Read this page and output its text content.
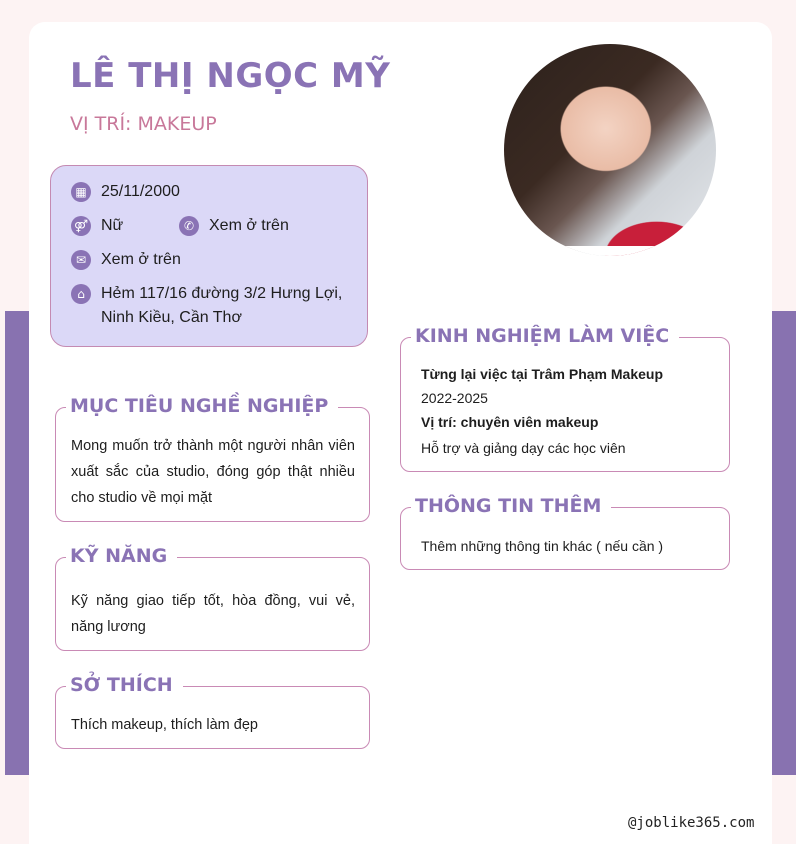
LÊ THỊ NGỌC MỸ
VỊ TRÍ: MAKEUP
▦ 25/11/2000
⚤ Nữ	✆ Xem ở trên
✉ Xem ở trên
⌂	Hẻm 117/16 đường 3/2 Hưng Lợi,
Ninh Kiều, Cần Thơ
MỤC TIÊU NGHỀ NGHIỆP
Mong muốn trở thành một người nhân viên xuất sắc của studio, đóng góp thật nhiều cho studio về mọi mặt
KỸ NĂNG
Kỹ năng giao tiếp tốt, hòa đồng, vui vẻ, năng lương
SỞ THÍCH
Thích makeup, thích làm đẹp
KINH NGHIỆM LÀM VIỆC
Từng lại việc tại Trâm Phạm Makeup
2022-2025
Vị trí: chuyên viên makeup
Hỗ trợ và giảng dạy các học viên
THÔNG TIN THÊM
Thêm những thông tin khác ( nếu cần )
@joblike365.com
